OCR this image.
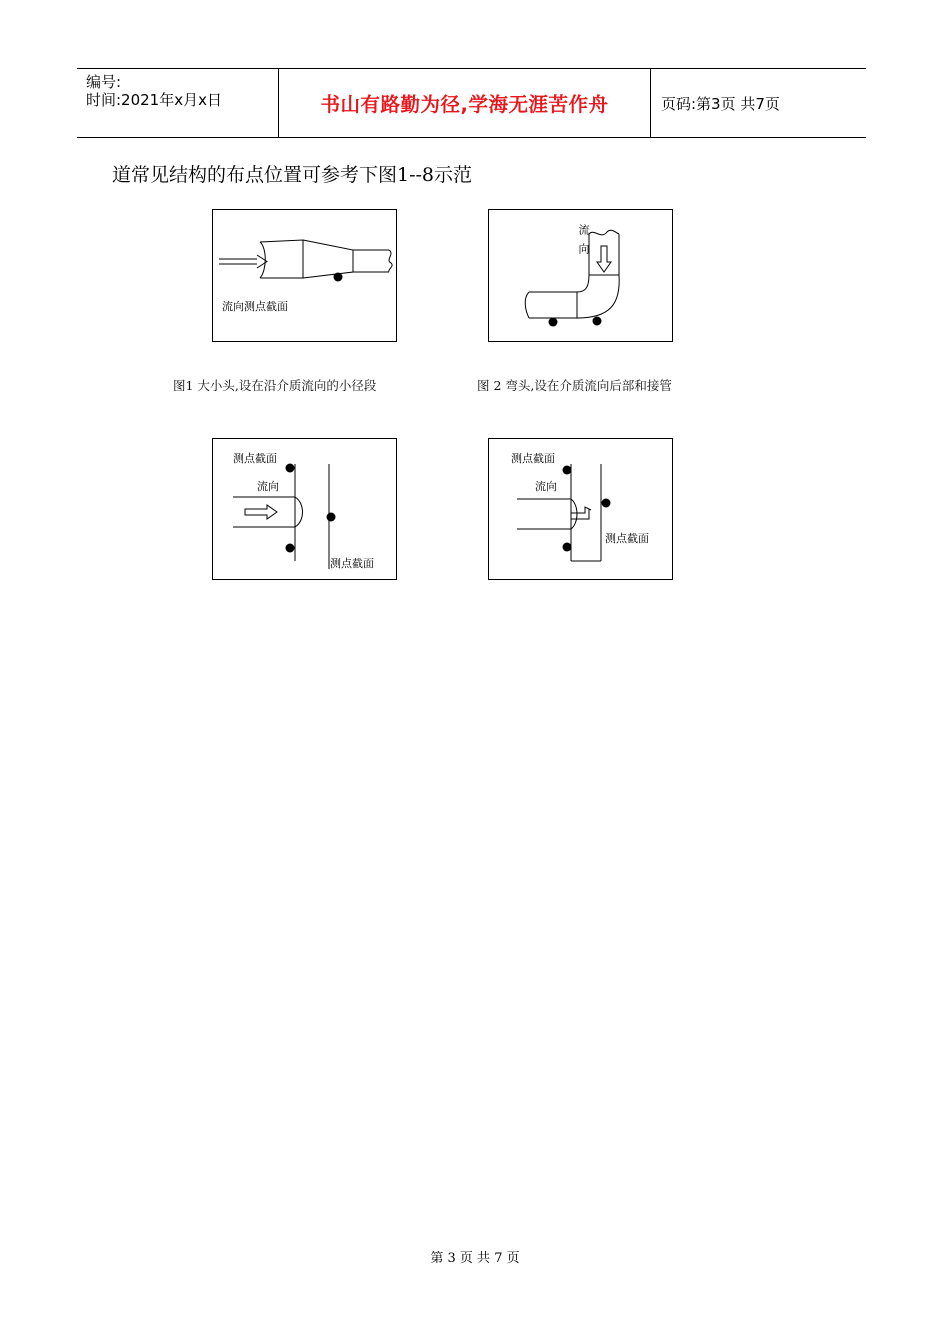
编号:
时间:2021年x月x日	书山有路勤为径,学海无涯苦作舟	页码:第3页 共7页
道常见结构的布点位置可参考下图1--8示范
流向测点截面
流向
图1 大小头,设在沿介质流向的小径段	图 2 弯头,设在介质流向后部和接管
测点截面
流向
测点截面
测点截面
流向
测点截面
第 3 页 共 7 页
